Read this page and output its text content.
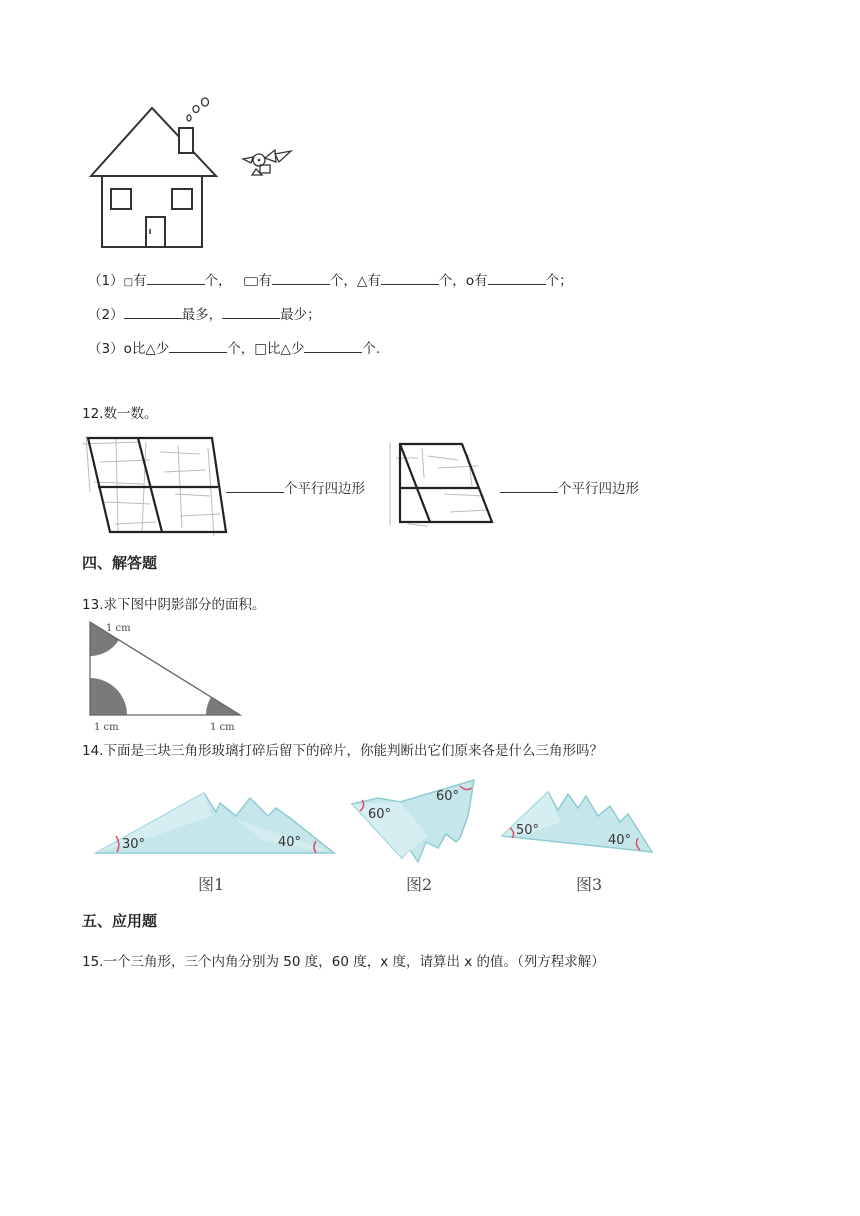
（1）□有	个， 有	个，△有	个，o有	个；
（2）	最多，	最少；
（3）o比△少	个，□比△少	个.
12.数一数。
个平行四边形	个平行四边形
四、解答题
13.求下图中阴影部分的面积。
1 cm
1 cm	1 cm
14.下面是三块三角形玻璃打碎后留下的碎片，你能判断出它们原来各是什么三角形吗？
30°	40°
图1
60°
60°
图2
50°
40°
图3
五、应用题
15.一个三角形，三个内角分别为 50 度，60 度，x 度，请算出 x 的值。（列方程求解）
